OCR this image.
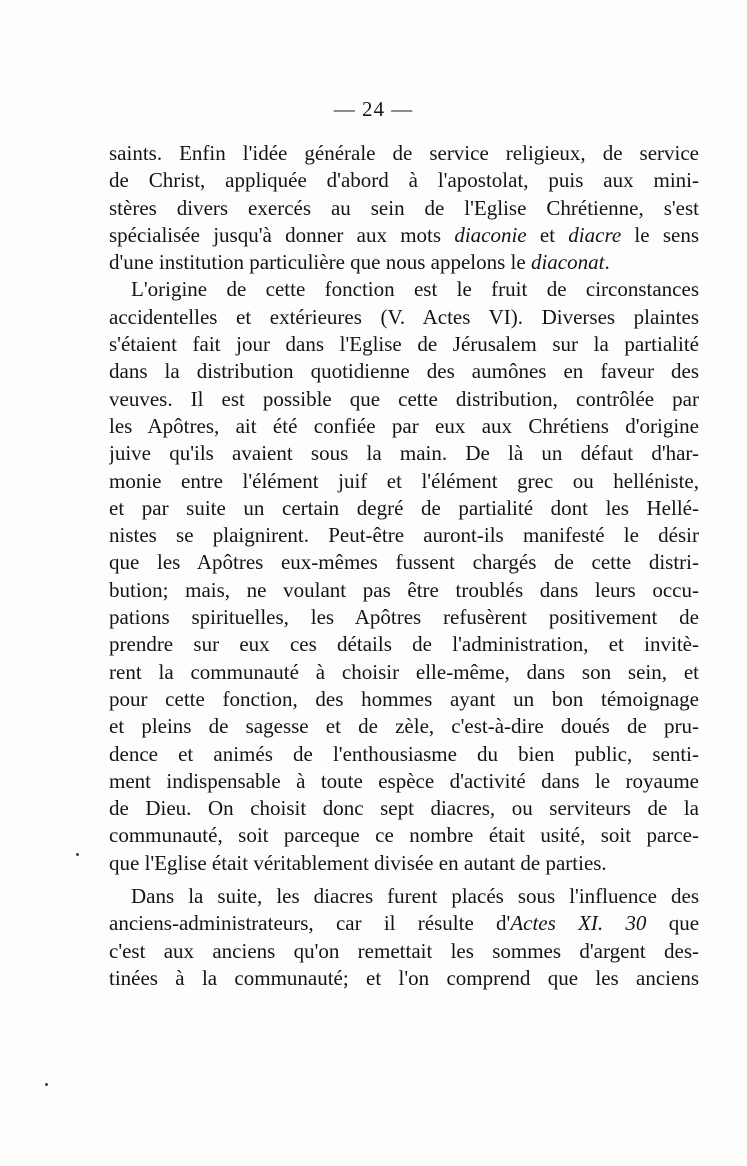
— 24 —
saints. Enfin l'idée générale de service religieux, de service
de Christ, appliquée d'abord à l'apostolat, puis aux mini-
stères divers exercés au sein de l'Eglise Chrétienne, s'est
spécialisée jusqu'à donner aux mots diaconie et diacre le sens
d'une institution particulière que nous appelons le diaconat.
L'origine de cette fonction est le fruit de circonstances
accidentelles et extérieures (V. Actes VI). Diverses plaintes
s'étaient fait jour dans l'Eglise de Jérusalem sur la partialité
dans la distribution quotidienne des aumônes en faveur des
veuves. Il est possible que cette distribution, contrôlée par
les Apôtres, ait été confiée par eux aux Chrétiens d'origine
juive qu'ils avaient sous la main. De là un défaut d'har-
monie entre l'élément juif et l'élément grec ou helléniste,
et par suite un certain degré de partialité dont les Hellé-
nistes se plaignirent. Peut-être auront-ils manifesté le désir
que les Apôtres eux-mêmes fussent chargés de cette distri-
bution; mais, ne voulant pas être troublés dans leurs occu-
pations spirituelles, les Apôtres refusèrent positivement de
prendre sur eux ces détails de l'administration, et invitè-
rent la communauté à choisir elle-même, dans son sein, et
pour cette fonction, des hommes ayant un bon témoignage
et pleins de sagesse et de zèle, c'est-à-dire doués de pru-
dence et animés de l'enthousiasme du bien public, senti-
ment indispensable à toute espèce d'activité dans le royaume
de Dieu. On choisit donc sept diacres, ou serviteurs de la
communauté, soit parceque ce nombre était usité, soit parce-
que l'Eglise était véritablement divisée en autant de parties.
Dans la suite, les diacres furent placés sous l'influence des
anciens-administrateurs, car il résulte d'Actes XI. 30 que
c'est aux anciens qu'on remettait les sommes d'argent des-
tinées à la communauté; et l'on comprend que les anciens
